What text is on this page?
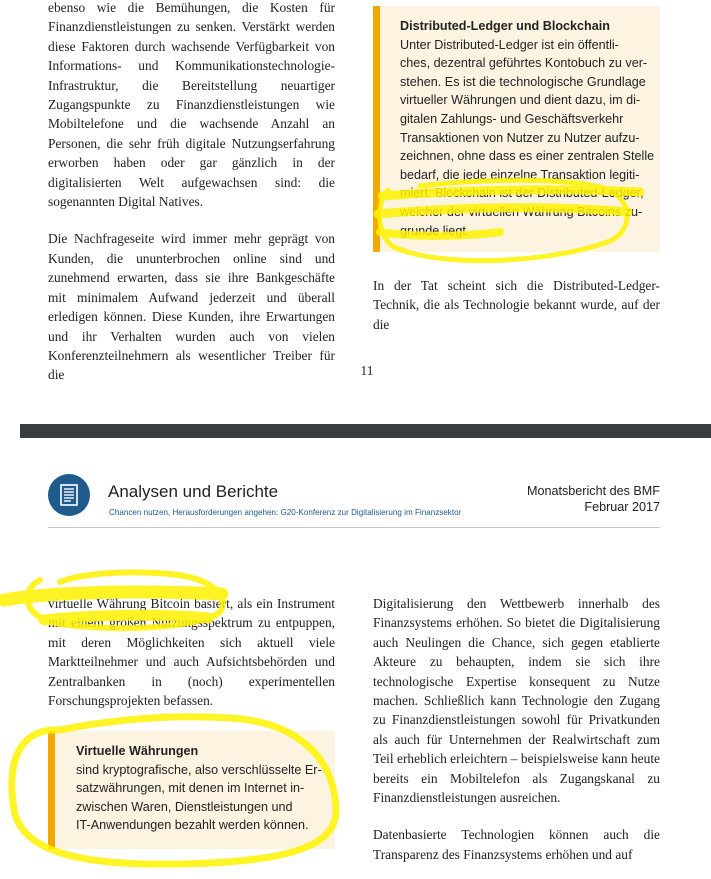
ebenso wie die Bemühungen, die Kosten für Finanzdienstleistungen zu senken. Verstärkt werden diese Faktoren durch wachsende Verfügbarkeit von Informations- und Kommunikationstechnologie-Infrastruktur, die Bereitstellung neuartiger Zugangspunkte zu Finanzdienstleistungen wie Mobiltelefone und die wachsende Anzahl an Personen, die sehr früh digitale Nutzungserfahrung erworben haben oder gar gänzlich in der digitalisierten Welt aufgewachsen sind: die sogenannten Digital Natives.

Die Nachfrageseite wird immer mehr geprägt von Kunden, die ununterbrochen online sind und zunehmend erwarten, dass sie ihre Bankgeschäfte mit minimalem Aufwand jederzeit und überall erledigen können. Diese Kunden, ihre Erwartungen und ihr Verhalten wurden auch von vielen Konferenzteilnehmern als wesentlicher Treiber für die

Distributed-Ledger und Blockchain
Unter Distributed-Ledger ist ein öffentli-
ches, dezentral geführtes Kontobuch zu ver-
stehen. Es ist die technologische Grundlage
virtueller Währungen und dient dazu, im di-
gitalen Zahlungs- und Geschäftsverkehr
Transaktionen von Nutzer zu Nutzer aufzu-
zeichnen, ohne dass es einer zentralen Stelle
bedarf, die jede einzelne Transaktion legiti-
miert. Blockchain ist der Distributed-Ledger,
welcher der virtuellen Währung Bitcoins zu-
grunde liegt.

In der Tat scheint sich die Distributed-Ledger-Technik, die als Technologie bekannt wurde, auf der die

11
Analysen und Berichte
Chancen nutzen, Herausforderungen angehen: G20-Konferenz zur Digitalisierung im Finanzsektor
Monatsbericht des BMF
Februar 2017

virtuelle Währung Bitcoin basiert, als ein Instrument mit einem großen Nutzungsspektrum zu entpuppen, mit deren Möglichkeiten sich aktuell viele Marktteilnehmer und auch Aufsichtsbehörden und Zentralbanken in (noch) experimentellen Forschungsprojekten befassen.

Virtuelle Währungen
sind kryptografische, also verschlüsselte Er-
satzwährungen, mit denen im Internet in-
zwischen Waren, Dienstleistungen und
IT-Anwendungen bezahlt werden können.

Digitalisierung den Wettbewerb innerhalb des Finanzsystems erhöhen. So bietet die Digitalisierung auch Neulingen die Chance, sich gegen etablierte Akteure zu behaupten, indem sie sich ihre technologische Expertise konsequent zu Nutze machen. Schließlich kann Technologie den Zugang zu Finanzdienstleistungen sowohl für Privatkunden als auch für Unternehmen der Realwirtschaft zum Teil erheblich erleichtern – beispielsweise kann heute bereits ein Mobiltelefon als Zugangskanal zu Finanzdienstleistungen ausreichen.

Datenbasierte Technologien können auch die Transparenz des Finanzsystems erhöhen und auf
